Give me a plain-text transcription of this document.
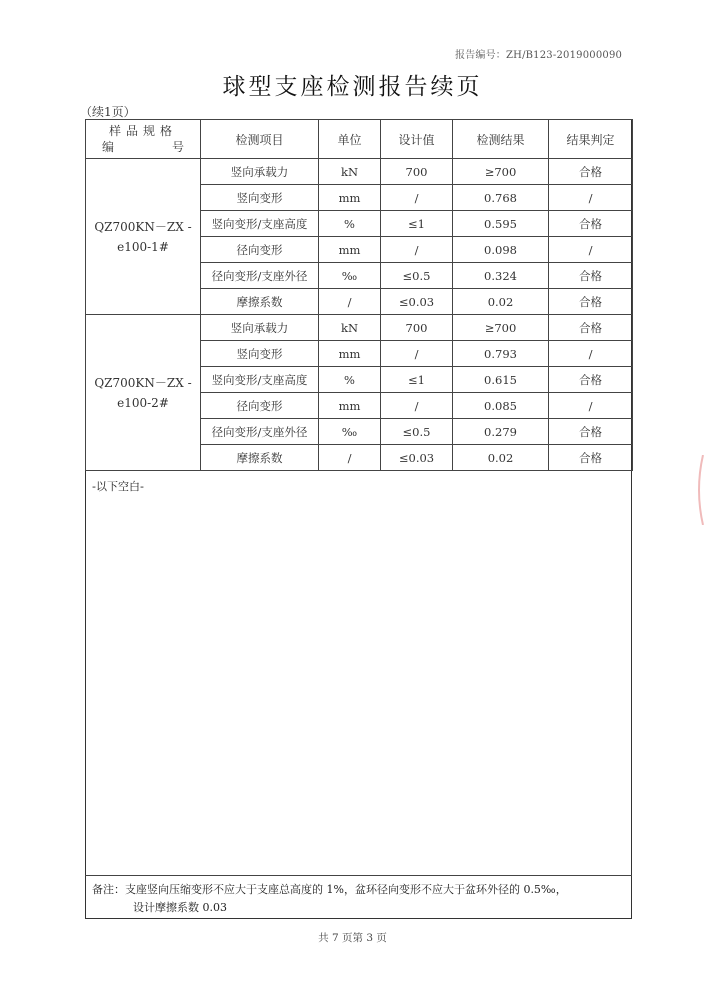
报告编号：ZH/B123-2019000090
球型支座检测报告续页
（续1页）
样品规格
编 号	检测项目	单位	设计值	检测结果	结果判定

QZ700KN－ZX -
e100-1#	竖向承载力	kN	700	≥700	合格
	竖向变形	mm	/	0.768	/
	竖向变形/支座高度	%	≤1	0.595	合格
	径向变形	mm	/	0.098	/
	径向变形/支座外径	‰	≤0.5	0.324	合格
	摩擦系数	/	≤0.03	0.02	合格

QZ700KN－ZX -
e100-2#	竖向承载力	kN	700	≥700	合格
	竖向变形	mm	/	0.793	/
	竖向变形/支座高度	%	≤1	0.615	合格
	径向变形	mm	/	0.085	/
	径向变形/支座外径	‰	≤0.5	0.279	合格
	摩擦系数	/	≤0.03	0.02	合格
-以下空白-
备注：支座竖向压缩变形不应大于支座总高度的 1%，盆环径向变形不应大于盆环外径的 0.5‰，
设计摩擦系数 0.03
共 7 页第 3 页
